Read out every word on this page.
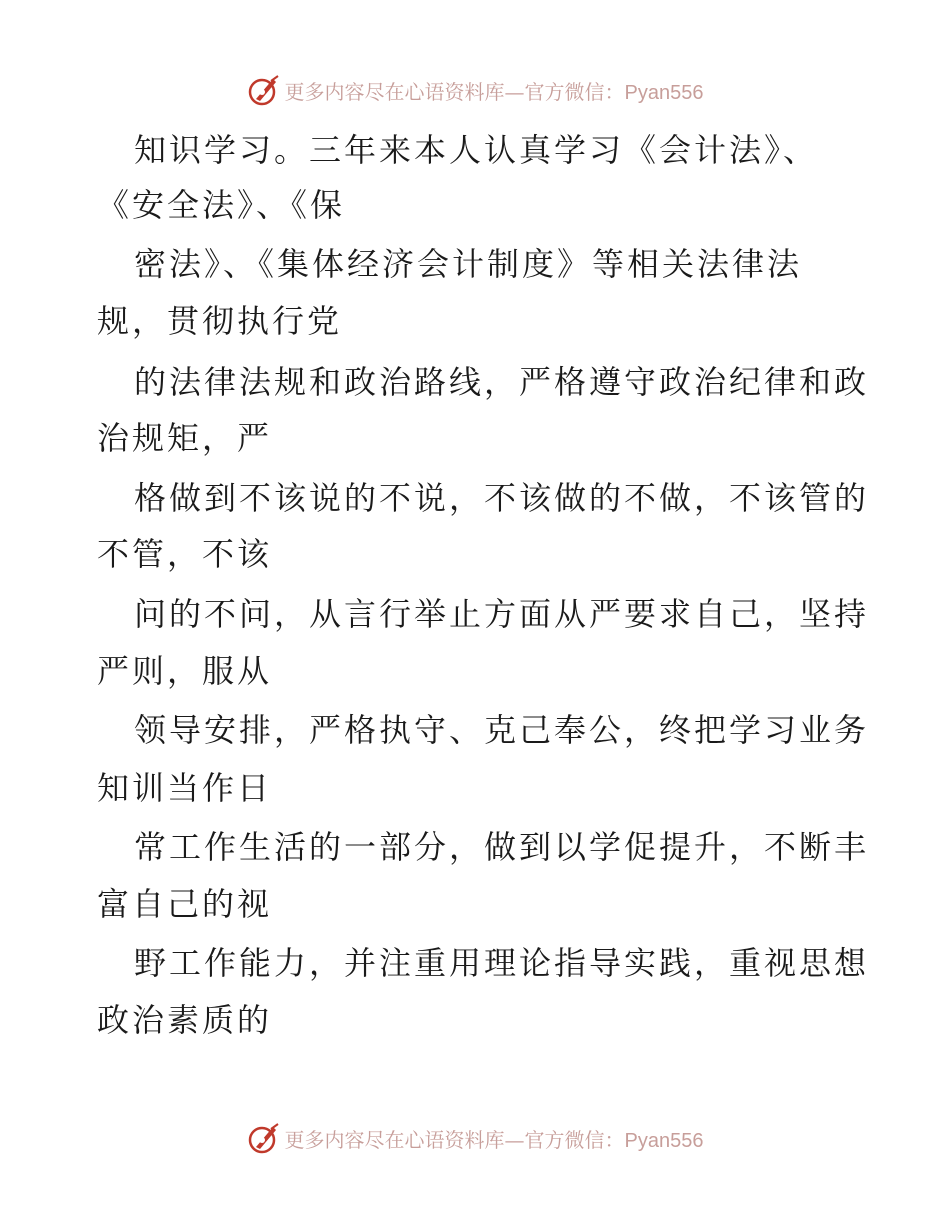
更多内容尽在心语资料库—官方微信：Pyan556
知识学习。三年来本人认真学习《会计法》、
《安全法》、《保
密法》、《集体经济会计制度》等相关法律法
规，贯彻执行党
的法律法规和政治路线，严格遵守政治纪律和政
治规矩，严
格做到不该说的不说，不该做的不做，不该管的
不管，不该
问的不问，从言行举止方面从严要求自己，坚持
严则，服从
领导安排，严格执守、克己奉公，终把学习业务
知训当作日
常工作生活的一部分，做到以学促提升，不断丰
富自己的视
野工作能力，并注重用理论指导实践，重视思想
政治素质的
更多内容尽在心语资料库—官方微信：Pyan556
